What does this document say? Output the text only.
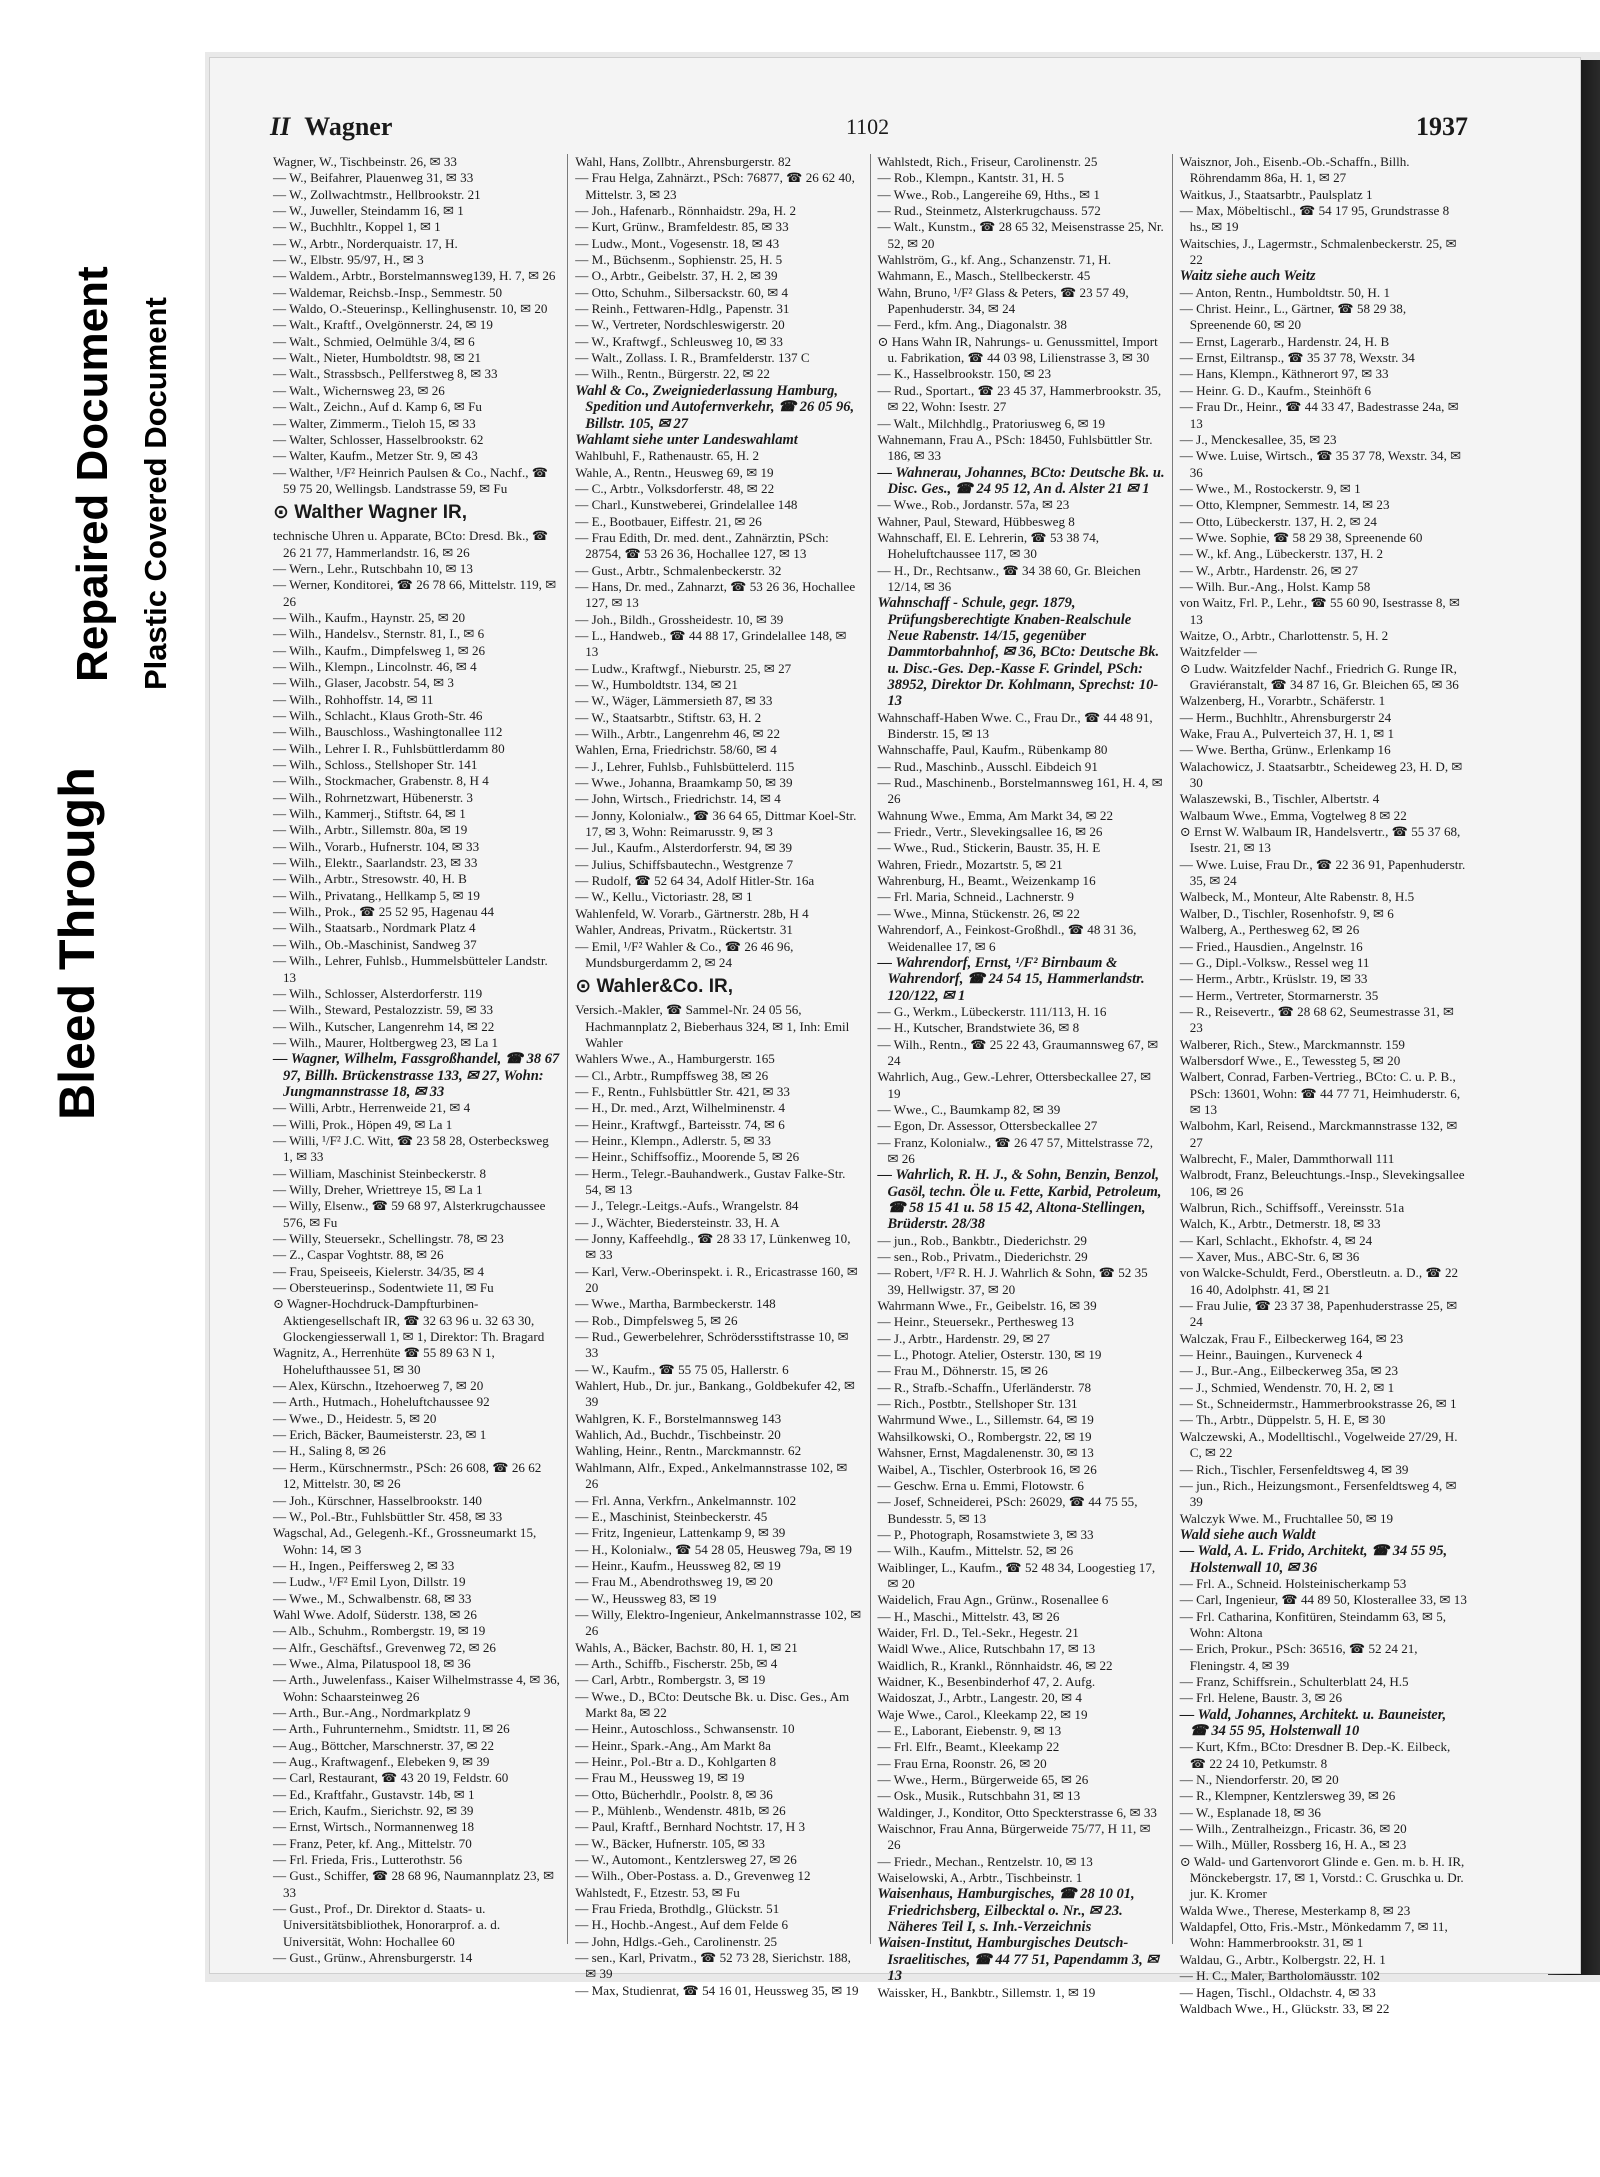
Repaired Document Plastic Covered Document
Bleed Through
II Wagner	1102	1937

Wagner, W., Tischbeinstr. 26, ✉ 33

— W., Beifahrer, Plauenweg 31, ✉ 33

— W., Zollwachtmstr., Hellbrookstr. 21

— W., Juweller, Steindamm 16, ✉ 1

— W., Buchhltr., Koppel 1, ✉ 1

— W., Arbtr., Norderquaistr. 17, H.

— W., Elbstr. 95/97, H., ✉ 3

— Waldem., Arbtr., Borstelmannsweg139, H. 7, ✉ 26

— Waldemar, Reichsb.-Insp., Semmestr. 50

— Waldo, O.-Steuerinsp., Kellinghusenstr. 10, ✉ 20

— Walt., Kraftf., Ovelgönnerstr. 24, ✉ 19

— Walt., Schmied, Oelmühle 3/4, ✉ 6

— Walt., Nieter, Humboldtstr. 98, ✉ 21

— Walt., Strassbsch., Pellferstweg 8, ✉ 33

— Walt., Wichernsweg 23, ✉ 26

— Walt., Zeichn., Auf d. Kamp 6, ✉ Fu

— Walter, Zimmerm., Tieloh 15, ✉ 33

— Walter, Schlosser, Hasselbrookstr. 62

— Walter, Kaufm., Metzer Str. 9, ✉ 43

— Walther, ¹/F² Heinrich Paulsen & Co., Nachf., ☎ 59 75 20, Wellingsb. Landstrasse 59, ✉ Fu

⊙ Walther Wagner IR,

technische Uhren u. Apparate, BCto: Dresd. Bk., ☎ 26 21 77, Hammerlandstr. 16, ✉ 26

— Wern., Lehr., Rutschbahn 10, ✉ 13

— Werner, Konditorei, ☎ 26 78 66, Mittelstr. 119, ✉ 26

— Wilh., Kaufm., Haynstr. 25, ✉ 20

— Wilh., Handelsv., Sternstr. 81, I., ✉ 6

— Wilh., Kaufm., Dimpfelsweg 1, ✉ 26

— Wilh., Klempn., Lincolnstr. 46, ✉ 4

— Wilh., Glaser, Jacobstr. 54, ✉ 3

— Wilh., Rohhoffstr. 14, ✉ 11

— Wilh., Schlacht., Klaus Groth-Str. 46

— Wilh., Bauschloss., Washingtonallee 112

— Wilh., Lehrer I. R., Fuhlsbüttlerdamm 80

— Wilh., Schloss., Stellshoper Str. 141

— Wilh., Stockmacher, Grabenstr. 8, H 4

— Wilh., Rohrnetzwart, Hübenerstr. 3

— Wilh., Kammerj., Stiftstr. 64, ✉ 1

— Wilh., Arbtr., Sillemstr. 80a, ✉ 19

— Wilh., Vorarb., Hufnerstr. 104, ✉ 33

— Wilh., Elektr., Saarlandstr. 23, ✉ 33

— Wilh., Arbtr., Stresowstr. 40, H. B

— Wilh., Privatang., Hellkamp 5, ✉ 19

— Wilh., Prok., ☎ 25 52 95, Hagenau 44

— Wilh., Staatsarb., Nordmark Platz 4

— Wilh., Ob.-Maschinist, Sandweg 37

— Wilh., Lehrer, Fuhlsb., Hummelsbütteler Landstr. 13

— Wilh., Schlosser, Alsterdorferstr. 119

— Wilh., Steward, Pestalozzistr. 59, ✉ 33

— Wilh., Kutscher, Langenrehm 14, ✉ 22

— Wilh., Maurer, Holtbergweg 23, ✉ La 1

— Wagner, Wilhelm, Fassgroßhandel, ☎ 38 67 97, Billh. Brückenstrasse 133, ✉ 27, Wohn: Jungmannstrasse 18, ✉ 33

— Willi, Arbtr., Herrenweide 21, ✉ 4

— Willi, Prok., Höpen 49, ✉ La 1

— Willi, ¹/F² J.C. Witt, ☎ 23 58 28, Osterbecksweg 1, ✉ 33

— William, Maschinist Steinbeckerstr. 8

— Willy, Dreher, Wriettreye 15, ✉ La 1

— Willy, Elsenw., ☎ 59 68 97, Alsterkrugchaussee 576, ✉ Fu

— Willy, Steuersekr., Schellingstr. 78, ✉ 23

— Z., Caspar Voghtstr. 88, ✉ 26

— Frau, Speiseeis, Kielerstr. 34/35, ✉ 4

— Obersteuerinsp., Sodentwiete 11, ✉ Fu

⊙ Wagner-Hochdruck-Dampfturbinen-Aktiengesellschaft IR, ☎ 32 63 96 u. 32 63 30, Glockengiesserwall 1, ✉ 1, Direktor: Th. Bragard

Wagnitz, A., Herrenhüte ☎ 55 89 63 N 1, Hohelufthaussee 51, ✉ 30

— Alex, Kürschn., Itzehoerweg 7, ✉ 20

— Arth., Hutmach., Hoheluftchaussee 92

— Wwe., D., Heidestr. 5, ✉ 20

— Erich, Bäcker, Baumeisterstr. 23, ✉ 1

— H., Saling 8, ✉ 26

— Herm., Kürschnermstr., PSch: 26 608, ☎ 26 62 12, Mittelstr. 30, ✉ 26

— Joh., Kürschner, Hasselbrookstr. 140

— W., Pol.-Btr., Fuhlsbüttler Str. 458, ✉ 33

Wagschal, Ad., Gelegenh.-Kf., Grossneumarkt 15, Wohn: 14, ✉ 3

— H., Ingen., Peiffersweg 2, ✉ 33

— Ludw., ¹/F² Emil Lyon, Dillstr. 19

— Wwe., M., Schwalbenstr. 68, ✉ 33

Wahl Wwe. Adolf, Süderstr. 138, ✉ 26

— Alb., Schuhm., Rombergstr. 19, ✉ 19

— Alfr., Geschäftsf., Grevenweg 72, ✉ 26

— Wwe., Alma, Pilatuspool 18, ✉ 36

— Arth., Juwelenfass., Kaiser Wilhelmstrasse 4, ✉ 36, Wohn: Schaarsteinweg 26

— Arth., Bur.-Ang., Nordmarkplatz 9

— Arth., Fuhrunternehm., Smidtstr. 11, ✉ 26

— Aug., Böttcher, Marschnerstr. 37, ✉ 22

— Aug., Kraftwagenf., Elebeken 9, ✉ 39

— Carl, Restaurant, ☎ 43 20 19, Feldstr. 60

— Ed., Kraftfahr., Gustavstr. 14b, ✉ 1

— Erich, Kaufm., Sierichstr. 92, ✉ 39

— Ernst, Wirtsch., Normannenweg 18

— Franz, Peter, kf. Ang., Mittelstr. 70

— Frl. Frieda, Fris., Lutterothstr. 56

— Gust., Schiffer, ☎ 28 68 96, Naumannplatz 23, ✉ 33

— Gust., Prof., Dr. Direktor d. Staats- u. Universitätsbibliothek, Honorarprof. a. d. Universität, Wohn: Hochallee 60

— Gust., Grünw., Ahrensburgerstr. 14

Wahl, Hans, Zollbtr., Ahrensburgerstr. 82

— Frau Helga, Zahnärzt., PSch: 76877, ☎ 26 62 40, Mittelstr. 3, ✉ 23

— Joh., Hafenarb., Rönnhaidstr. 29a, H. 2

— Kurt, Grünw., Bramfeldestr. 85, ✉ 33

— Ludw., Mont., Vogesenstr. 18, ✉ 43

— M., Büchsenm., Sophienstr. 25, H. 5

— O., Arbtr., Geibelstr. 37, H. 2, ✉ 39

— Otto, Schuhm., Silbersackstr. 60, ✉ 4

— Reinh., Fettwaren-Hdlg., Papenstr. 31

— W., Vertreter, Nordschleswigerstr. 20

— W., Kraftwgf., Schleusweg 10, ✉ 33

— Walt., Zollass. I. R., Bramfelderstr. 137 C

— Wilh., Rentn., Bürgerstr. 22, ✉ 22

Wahl & Co., Zweigniederlassung Hamburg, Spedition und Autofernverkehr, ☎ 26 05 96, Billstr. 105, ✉ 27

Wahlamt siehe unter Landeswahlamt

Wahlbuhl, F., Rathenaustr. 65, H. 2

Wahle, A., Rentn., Heusweg 69, ✉ 19

— C., Arbtr., Volksdorferstr. 48, ✉ 22

— Charl., Kunstweberei, Grindelallee 148

— E., Bootbauer, Eiffestr. 21, ✉ 26

— Frau Edith, Dr. med. dent., Zahnärztin, PSch: 28754, ☎ 53 26 36, Hochallee 127, ✉ 13

— Gust., Arbtr., Schmalenbeckerstr. 32

— Hans, Dr. med., Zahnarzt, ☎ 53 26 36, Hochallee 127, ✉ 13

— Joh., Bildh., Grossheidestr. 10, ✉ 39

— L., Handweb., ☎ 44 88 17, Grindelallee 148, ✉ 13

— Ludw., Kraftwgf., Nieburstr. 25, ✉ 27

— W., Humboldtstr. 134, ✉ 21

— W., Wäger, Lämmersieth 87, ✉ 33

— W., Staatsarbtr., Stiftstr. 63, H. 2

— Wilh., Arbtr., Langenrehm 46, ✉ 22

Wahlen, Erna, Friedrichstr. 58/60, ✉ 4

— J., Lehrer, Fuhlsb., Fuhlsbüttelerd. 115

— Wwe., Johanna, Braamkamp 50, ✉ 39

— John, Wirtsch., Friedrichstr. 14, ✉ 4

— Jonny, Kolonialw., ☎ 36 64 65, Dittmar Koel-Str. 17, ✉ 3, Wohn: Reimarusstr. 9, ✉ 3

— Jul., Kaufm., Alsterdorferstr. 94, ✉ 39

— Julius, Schiffsbautechn., Westgrenze 7

— Rudolf, ☎ 52 64 34, Adolf Hitler-Str. 16a

— W., Kellu., Victoriastr. 28, ✉ 1

Wahlenfeld, W. Vorarb., Gärtnerstr. 28b, H 4

Wahler, Andreas, Privatm., Rückertstr. 31

— Emil, ¹/F² Wahler & Co., ☎ 26 46 96, Mundsburgerdamm 2, ✉ 24

⊙ Wahler&Co. IR,

Versich.-Makler, ☎ Sammel-Nr. 24 05 56, Hachmannplatz 2, Bieberhaus 324, ✉ 1, Inh: Emil Wahler

Wahlers Wwe., A., Hamburgerstr. 165

— Cl., Arbtr., Rumpffsweg 38, ✉ 26

— F., Rentn., Fuhlsbüttler Str. 421, ✉ 33

— H., Dr. med., Arzt, Wilhelminenstr. 4

— Heinr., Kraftwgf., Barteisstr. 74, ✉ 6

— Heinr., Klempn., Adlerstr. 5, ✉ 33

— Heinr., Schiffsoffiz., Moorende 5, ✉ 26

— Herm., Telegr.-Bauhandwerk., Gustav Falke-Str. 54, ✉ 13

— J., Telegr.-Leitgs.-Aufs., Wrangelstr. 84

— J., Wächter, Biedersteinstr. 33, H. A

— Jonny, Kaffeehdlg., ☎ 28 33 17, Lünkenweg 10, ✉ 33

— Karl, Verw.-Oberinspekt. i. R., Ericastrasse 160, ✉ 20

— Wwe., Martha, Barmbeckerstr. 148

— Rob., Dimpfelsweg 5, ✉ 26

— Rud., Gewerbelehrer, Schrödersstiftstrasse 10, ✉ 33

— W., Kaufm., ☎ 55 75 05, Hallerstr. 6

Wahlert, Hub., Dr. jur., Bankang., Goldbekufer 42, ✉ 39

Wahlgren, K. F., Borstelmannsweg 143

Wahlich, Ad., Buchdr., Tischbeinstr. 20

Wahling, Heinr., Rentn., Marckmannstr. 62

Wahlmann, Alfr., Exped., Ankelmannstrasse 102, ✉ 26

— Frl. Anna, Verkfrn., Ankelmannstr. 102

— E., Maschinist, Steinbeckerstr. 45

— Fritz, Ingenieur, Lattenkamp 9, ✉ 39

— H., Kolonialw., ☎ 54 28 05, Heusweg 79a, ✉ 19

— Heinr., Kaufm., Heussweg 82, ✉ 19

— Frau M., Abendrothsweg 19, ✉ 20

— W., Heussweg 83, ✉ 19

— Willy, Elektro-Ingenieur, Ankelmannstrasse 102, ✉ 26

Wahls, A., Bäcker, Bachstr. 80, H. 1, ✉ 21

— Arth., Schiffb., Fischerstr. 25b, ✉ 4

— Carl, Arbtr., Rombergstr. 3, ✉ 19

— Wwe., D., BCto: Deutsche Bk. u. Disc. Ges., Am Markt 8a, ✉ 22

— Heinr., Autoschloss., Schwansenstr. 10

— Heinr., Spark.-Ang., Am Markt 8a

— Heinr., Pol.-Btr a. D., Kohlgarten 8

— Frau M., Heussweg 19, ✉ 19

— Otto, Bücherhdlr., Poolstr. 8, ✉ 36

— P., Mühlenb., Wendenstr. 481b, ✉ 26

— Paul, Kraftf., Bernhard Nochtstr. 17, H 3

— W., Bäcker, Hufnerstr. 105, ✉ 33

— W., Automont., Kentzlersweg 27, ✉ 26

— Wilh., Ober-Postass. a. D., Grevenweg 12

Wahlstedt, F., Etzestr. 53, ✉ Fu

— Frau Frieda, Brothdlg., Glückstr. 51

— H., Hochb.-Angest., Auf dem Felde 6

— John, Hdlgs.-Geh., Carolinenstr. 25

— sen., Karl, Privatm., ☎ 52 73 28, Sierichstr. 188, ✉ 39

— Max, Studienrat, ☎ 54 16 01, Heussweg 35, ✉ 19

Wahlstedt, Rich., Friseur, Carolinenstr. 25

— Rob., Klempn., Kantstr. 31, H. 5

— Wwe., Rob., Langereihe 69, Hths., ✉ 1

— Rud., Steinmetz, Alsterkrugchauss. 572

— Walt., Kunstm., ☎ 28 65 32, Meisenstrasse 25, Nr. 52, ✉ 20

Wahlström, G., kf. Ang., Schanzenstr. 71, H.

Wahmann, E., Masch., Stellbeckerstr. 45

Wahn, Bruno, ¹/F² Glass & Peters, ☎ 23 57 49, Papenhuderstr. 34, ✉ 24

— Ferd., kfm. Ang., Diagonalstr. 38

⊙ Hans Wahn IR, Nahrungs- u. Genussmittel, Import u. Fabrikation, ☎ 44 03 98, Lilienstrasse 3, ✉ 30

— K., Hasselbrookstr. 150, ✉ 23

— Rud., Sportart., ☎ 23 45 37, Hammerbrookstr. 35, ✉ 22, Wohn: Isestr. 27

— Walt., Milchhdlg., Pratoriusweg 6, ✉ 19

Wahnemann, Frau A., PSch: 18450, Fuhlsbüttler Str. 186, ✉ 33

— Wahnerau, Johannes, BCto: Deutsche Bk. u. Disc. Ges., ☎ 24 95 12, An d. Alster 21 ✉ 1

— Wwe., Rob., Jordanstr. 57a, ✉ 23

Wahner, Paul, Steward, Hübbesweg 8

Wahnschaff, El. E. Lehrerin, ☎ 53 38 74, Hoheluftchaussee 117, ✉ 30

— H., Dr., Rechtsanw., ☎ 34 38 60, Gr. Bleichen 12/14, ✉ 36

Wahnschaff - Schule, gegr. 1879, Prüfungsberechtigte Knaben-Realschule Neue Rabenstr. 14/15, gegenüber Dammtorbahnhof, ✉ 36, BCto: Deutsche Bk. u. Disc.-Ges. Dep.-Kasse F. Grindel, PSch: 38952, Direktor Dr. Kohlmann, Sprechst: 10-13

Wahnschaff-Haben Wwe. C., Frau Dr., ☎ 44 48 91, Binderstr. 15, ✉ 13

Wahnschaffe, Paul, Kaufm., Rübenkamp 80

— Rud., Maschinb., Ausschl. Eibdeich 91

— Rud., Maschinenb., Borstelmannsweg 161, H. 4, ✉ 26

Wahnung Wwe., Emma, Am Markt 34, ✉ 22

— Friedr., Vertr., Slevekingsallee 16, ✉ 26

— Wwe., Rud., Stickerin, Baustr. 35, H. E

Wahren, Friedr., Mozartstr. 5, ✉ 21

Wahrenburg, H., Beamt., Weizenkamp 16

— Frl. Maria, Schneid., Lachnerstr. 9

— Wwe., Minna, Stückenstr. 26, ✉ 22

Wahrendorf, A., Feinkost-Großhdl., ☎ 48 31 36, Weidenallee 17, ✉ 6

— Wahrendorf, Ernst, ¹/F² Birnbaum & Wahrendorf, ☎ 24 54 15, Hammerlandstr. 120/122, ✉ 1

— G., Werkm., Lübeckerstr. 111/113, H. 16

— H., Kutscher, Brandstwiete 36, ✉ 8

— Wilh., Rentn., ☎ 25 22 43, Graumannsweg 67, ✉ 24

Wahrlich, Aug., Gew.-Lehrer, Ottersbeckallee 27, ✉ 19

— Wwe., C., Baumkamp 82, ✉ 39

— Egon, Dr. Assessor, Ottersbeckallee 27

— Franz, Kolonialw., ☎ 26 47 57, Mittelstrasse 72, ✉ 26

— Wahrlich, R. H. J., & Sohn, Benzin, Benzol, Gasöl, techn. Öle u. Fette, Karbid, Petroleum, ☎ 58 15 41 u. 58 15 42, Altona-Stellingen, Brüderstr. 28/38

— jun., Rob., Bankbtr., Diederichstr. 29

— sen., Rob., Privatm., Diederichstr. 29

— Robert, ¹/F² R. H. J. Wahrlich & Sohn, ☎ 52 35 39, Hellwigstr. 37, ✉ 20

Wahrmann Wwe., Fr., Geibelstr. 16, ✉ 39

— Heinr., Steuersekr., Perthesweg 13

— J., Arbtr., Hardenstr. 29, ✉ 27

— L., Photogr. Atelier, Osterstr. 130, ✉ 19

— Frau M., Döhnerstr. 15, ✉ 26

— R., Strafb.-Schaffn., Uferländerstr. 78

— Rich., Postbtr., Stellshoper Str. 131

Wahrmund Wwe., L., Sillemstr. 64, ✉ 19

Wahsilkowski, O., Rombergstr. 22, ✉ 19

Wahsner, Ernst, Magdalenenstr. 30, ✉ 13

Waibel, A., Tischler, Osterbrook 16, ✉ 26

— Geschw. Erna u. Emmi, Flotowstr. 6

— Josef, Schneiderei, PSch: 26029, ☎ 44 75 55, Bundesstr. 5, ✉ 13

— P., Photograph, Rosamstwiete 3, ✉ 33

— Wilh., Kaufm., Mittelstr. 52, ✉ 26

Waiblinger, L., Kaufm., ☎ 52 48 34, Loogestieg 17, ✉ 20

Waidelich, Frau Agn., Grünw., Rosenallee 6

— H., Maschi., Mittelstr. 43, ✉ 26

Waider, Frl. D., Tel.-Sekr., Hegestr. 21

Waidl Wwe., Alice, Rutschbahn 17, ✉ 13

Waidlich, R., Krankl., Rönnhaidstr. 46, ✉ 22

Waidner, K., Besenbinderhof 47, 2. Aufg.

Waidoszat, J., Arbtr., Langestr. 20, ✉ 4

Waje Wwe., Carol., Kleekamp 22, ✉ 19

— E., Laborant, Eiebenstr. 9, ✉ 13

— Frl. Elfr., Beamt., Kleekamp 22

— Frau Erna, Roonstr. 26, ✉ 20

— Wwe., Herm., Bürgerweide 65, ✉ 26

— Osk., Musik., Rutschbahn 31, ✉ 13

Waldinger, J., Konditor, Otto Speckterstrasse 6, ✉ 33

Waischnor, Frau Anna, Bürgerweide 75/77, H 11, ✉ 26

— Friedr., Mechan., Rentzelstr. 10, ✉ 13

Waiselowski, A., Arbtr., Tischbeinstr. 1

Waisenhaus, Hamburgisches, ☎ 28 10 01, Friedrichsberg, Eilbecktal o. Nr., ✉ 23. Näheres Teil I, s. Inh.-Verzeichnis

Waisen-Institut, Hamburgisches Deutsch-Israelitisches, ☎ 44 77 51, Papendamm 3, ✉ 13

Waissker, H., Bankbtr., Sillemstr. 1, ✉ 19

Waisznor, Joh., Eisenb.-Ob.-Schaffn., Billh. Röhrendamm 86a, H. 1, ✉ 27

Waitkus, J., Staatsarbtr., Paulsplatz 1

— Max, Möbeltischl., ☎ 54 17 95, Grundstrasse 8 hs., ✉ 19

Waitschies, J., Lagermstr., Schmalenbeckerstr. 25, ✉ 22

Waitz siehe auch Weitz

— Anton, Rentn., Humboldtstr. 50, H. 1

— Christ. Heinr., L., Gärtner, ☎ 58 29 38, Spreenende 60, ✉ 20

— Ernst, Lagerarb., Hardenstr. 24, H. B

— Ernst, Eiltransp., ☎ 35 37 78, Wexstr. 34

— Hans, Klempn., Käthnerort 97, ✉ 33

— Heinr. G. D., Kaufm., Steinhöft 6

— Frau Dr., Heinr., ☎ 44 33 47, Badestrasse 24a, ✉ 13

— J., Menckesallee, 35, ✉ 23

— Wwe. Luise, Wirtsch., ☎ 35 37 78, Wexstr. 34, ✉ 36

— Wwe., M., Rostockerstr. 9, ✉ 1

— Otto, Klempner, Semmestr. 14, ✉ 23

— Otto, Lübeckerstr. 137, H. 2, ✉ 24

— Wwe. Sophie, ☎ 58 29 38, Spreenende 60

— W., kf. Ang., Lübeckerstr. 137, H. 2

— W., Arbtr., Hardenstr. 26, ✉ 27

— Wilh. Bur.-Ang., Holst. Kamp 58

von Waitz, Frl. P., Lehr., ☎ 55 60 90, Isestrasse 8, ✉ 13

Waitze, O., Arbtr., Charlottenstr. 5, H. 2

Waitzfelder —

⊙ Ludw. Waitzfelder Nachf., Friedrich G. Runge IR, Graviéranstalt, ☎ 34 87 16, Gr. Bleichen 65, ✉ 36

Walzenberg, H., Vorarbtr., Schäferstr. 1

— Herm., Buchhltr., Ahrensburgerstr 24

Wake, Frau A., Pulverteich 37, H. 1, ✉ 1

— Wwe. Bertha, Grünw., Erlenkamp 16

Walachowicz, J. Staatsarbtr., Scheideweg 23, H. D, ✉ 30

Walaszewski, B., Tischler, Albertstr. 4

Walbaum Wwe., Emma, Vogtelweg 8 ✉ 22

⊙ Ernst W. Walbaum IR, Handelsvertr., ☎ 55 37 68, Isestr. 21, ✉ 13

— Wwe. Luise, Frau Dr., ☎ 22 36 91, Papenhuderstr. 35, ✉ 24

Walbeck, M., Monteur, Alte Rabenstr. 8, H.5

Walber, D., Tischler, Rosenhofstr. 9, ✉ 6

Walberg, A., Perthesweg 62, ✉ 26

— Fried., Hausdien., Angelnstr. 16

— G., Dipl.-Volksw., Ressel weg 11

— Herm., Arbtr., Krüslstr. 19, ✉ 33

— Herm., Vertreter, Stormarnerstr. 35

— R., Reisevertr., ☎ 28 68 62, Seumestrasse 31, ✉ 23

Walberer, Rich., Stew., Marckmannstr. 159

Walbersdorf Wwe., E., Tewessteg 5, ✉ 20

Walbert, Conrad, Farben-Vertrieg., BCto: C. u. P. B., PSch: 13601, Wohn: ☎ 44 77 71, Heimhuderstr. 6, ✉ 13

Walbohm, Karl, Reisend., Marckmannstrasse 132, ✉ 27

Walbrecht, F., Maler, Dammthorwall 111

Walbrodt, Franz, Beleuchtungs.-Insp., Slevekingsallee 106, ✉ 26

Walbrun, Rich., Schiffsoff., Vereinsstr. 51a

Walch, K., Arbtr., Detmerstr. 18, ✉ 33

— Karl, Schlacht., Ekhofstr. 4, ✉ 24

— Xaver, Mus., ABC-Str. 6, ✉ 36

von Walcke-Schuldt, Ferd., Oberstleutn. a. D., ☎ 22 16 40, Adolphstr. 41, ✉ 21

— Frau Julie, ☎ 23 37 38, Papenhuderstrasse 25, ✉ 24

Walczak, Frau F., Eilbeckerweg 164, ✉ 23

— Heinr., Bauingen., Kurveneck 4

— J., Bur.-Ang., Eilbeckerweg 35a, ✉ 23

— J., Schmied, Wendenstr. 70, H. 2, ✉ 1

— St., Schneidermstr., Hammerbrookstrasse 26, ✉ 1

— Th., Arbtr., Düppelstr. 5, H. E, ✉ 30

Walczewski, A., Modelltischl., Vogelweide 27/29, H. C, ✉ 22

— Rich., Tischler, Fersenfeldtsweg 4, ✉ 39

— jun., Rich., Heizungsmont., Fersenfeldtsweg 4, ✉ 39

Walczyk Wwe. M., Fruchtallee 50, ✉ 19

Wald siehe auch Waldt

— Wald, A. L. Frido, Architekt, ☎ 34 55 95, Holstenwall 10, ✉ 36

— Frl. A., Schneid. Holsteinischerkamp 53

— Carl, Ingenieur, ☎ 44 89 50, Klosterallee 33, ✉ 13

— Frl. Catharina, Konfitüren, Steindamm 63, ✉ 5, Wohn: Altona

— Erich, Prokur., PSch: 36516, ☎ 52 24 21, Fleningstr. 4, ✉ 39

— Franz, Schiffsrein., Schulterblatt 24, H.5

— Frl. Helene, Baustr. 3, ✉ 26

— Wald, Johannes, Architekt. u. Bauneister, ☎ 34 55 95, Holstenwall 10

— Kurt, Kfm., BCto: Dresdner B. Dep.-K. Eilbeck, ☎ 22 24 10, Petkumstr. 8

— N., Niendorferstr. 20, ✉ 20

— R., Klempner, Kentzlersweg 39, ✉ 26

— W., Esplanade 18, ✉ 36

— Wilh., Zentralheizgn., Fricastr. 36, ✉ 20

— Wilh., Müller, Rossberg 16, H. A., ✉ 23

⊙ Wald- und Gartenvorort Glinde e. Gen. m. b. H. IR, Mönckebergstr. 17, ✉ 1, Vorstd.: C. Gruschka u. Dr. jur. K. Kromer

Walda Wwe., Therese, Mesterkamp 8, ✉ 23

Waldapfel, Otto, Fris.-Mstr., Mönkedamm 7, ✉ 11, Wohn: Hammerbrookstr. 31, ✉ 1

Waldau, G., Arbtr., Kolbergstr. 22, H. 1

— H. C., Maler, Bartholomäusstr. 102

— Hagen, Tischl., Oldachstr. 4, ✉ 33

Waldbach Wwe., H., Glückstr. 33, ✉ 22
